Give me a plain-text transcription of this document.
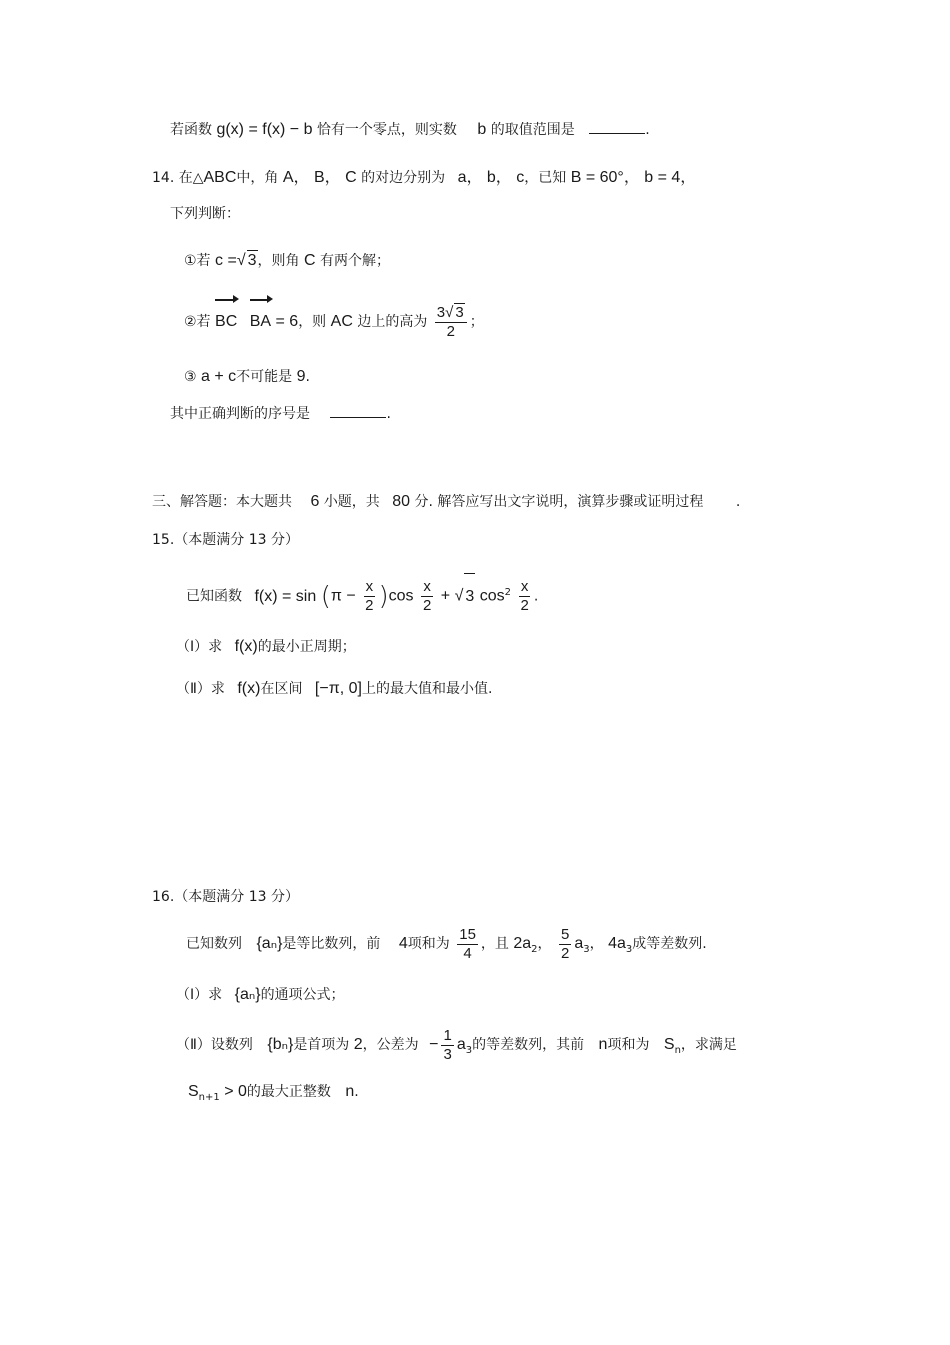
若函数 g(x) = f(x) − b 恰有一个零点，则实数 b 的取值范围是	.
14. 在△ABC中，角 A， B， C 的对边分别为 a， b， c，已知 B = 60°， b = 4，
下列判断：
①若 c =√ 3，则角 C 有两个解；
②若 BC BA = 6，则 AC 边上的高为 $\frac{3√ 3}{2}$ ；
③ a + c不可能是 9.
其中正确判断的序号是	.
三、解答题：本大题共 6 小题，共 80 分. 解答应写出文字说明，演算步骤或证明过程 .
15.（本题满分 13 分）
已知函数 $f(x) = \sin (\pi - \frac{x}{2} )\cos \frac{x}{2}$ + √ 3 $\cos^2 \frac{x}{2}$ .
（Ⅰ）求 f(x)的最小正周期；
（Ⅱ）求 f(x)在区间 [−π, 0]上的最大值和最小值.
16.（本题满分 13 分）
已知数列 {aₙ}是等比数列，前 4项和为 $\frac{15}{4}$ ，且 $2a_2$， $\frac{5}{2} a_3$， $4a_3$成等差数列.
（Ⅰ）求 {aₙ}的通项公式；
（Ⅱ）设数列 {bₙ}是首项为 2，公差为 − $\frac{1}{3} a_3$的等差数列，其前 n项和为 $S_n$，求满足
$S_{n+1} > 0$的最大正整数 n.
